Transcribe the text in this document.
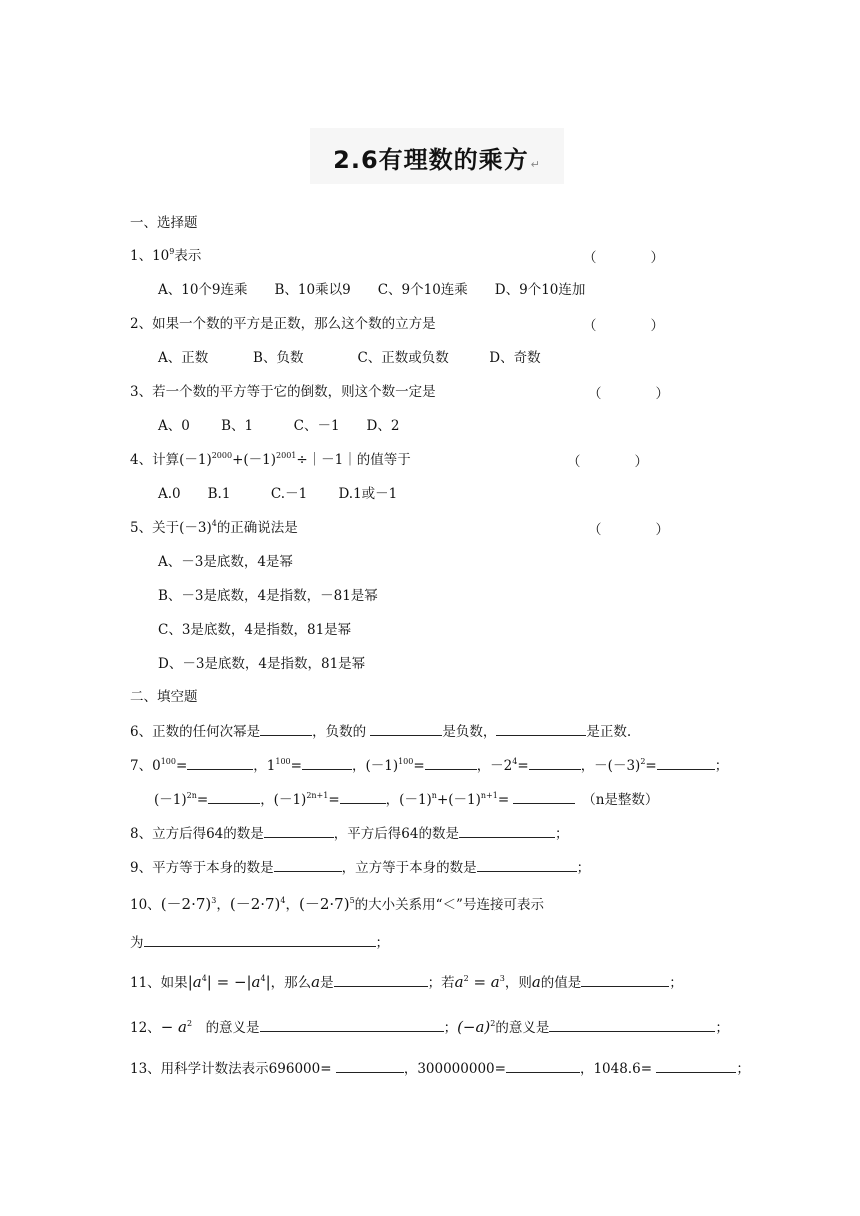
2.6有理数的乘方 ↵
一、选择题
1、$10^9$表示	（　　　　）
A、10个9连乘　　B、10乘以9　　C、9个10连乘　　D、9个10连加
2、如果一个数的平方是正数，那么这个数的立方是	（　　　　）
A、正数　　　 B、负数　　　　C、正数或负数　　　D、奇数
3、若一个数的平方等于它的倒数，则这个数一定是	（　　　　）
A、0　　 B、1　　　C、－1　　D、2
4、计算$(-1)^{2000}+(-1)^{2001}\div|-1|$的值等于	（　　　　）
A.0　　B.1　　　C.－1　　 D.1或－1
5、关于$(-3)^4$的正确说法是	（　　　　）
A、－3是底数，4是幂
B、－3是底数，4是指数，－81是幂
C、3是底数，4是指数，81是幂
D、－3是底数，4是指数，81是幂
二、填空题
6、正数的任何次幂是	，负数的	是负数，	是正数.
7、$0^{100}=$	，$1^{100}=$	，$(-1)^{100}=$	，$-2^4=$	，$-(-3)^2=$	；
$(-1)^{2n}=$	，$(-1)^{2n+1}=$	，$(-1)^n+(-1)^{n+1}=$ 　	（n是整数）
8、立方后得64的数是	，平方后得64的数是	；
9、平方等于本身的数是	，立方等于本身的数是	；
10、$(-2\cdot 7)^3$，$(-2\cdot 7)^4$，$(-2\cdot 7)^5$的大小关系用“＜”号连接可表示
为	；
11、如果$|a^4| = -|a^4|$，那么a是	；若$a^2 = a^3$，则a的值是	；
12、− $a^2$　 的意义是	；$(-a)^2$的意义是	；
13、用科学计数法表示696000=	，300000000=	，1048.6=	；
